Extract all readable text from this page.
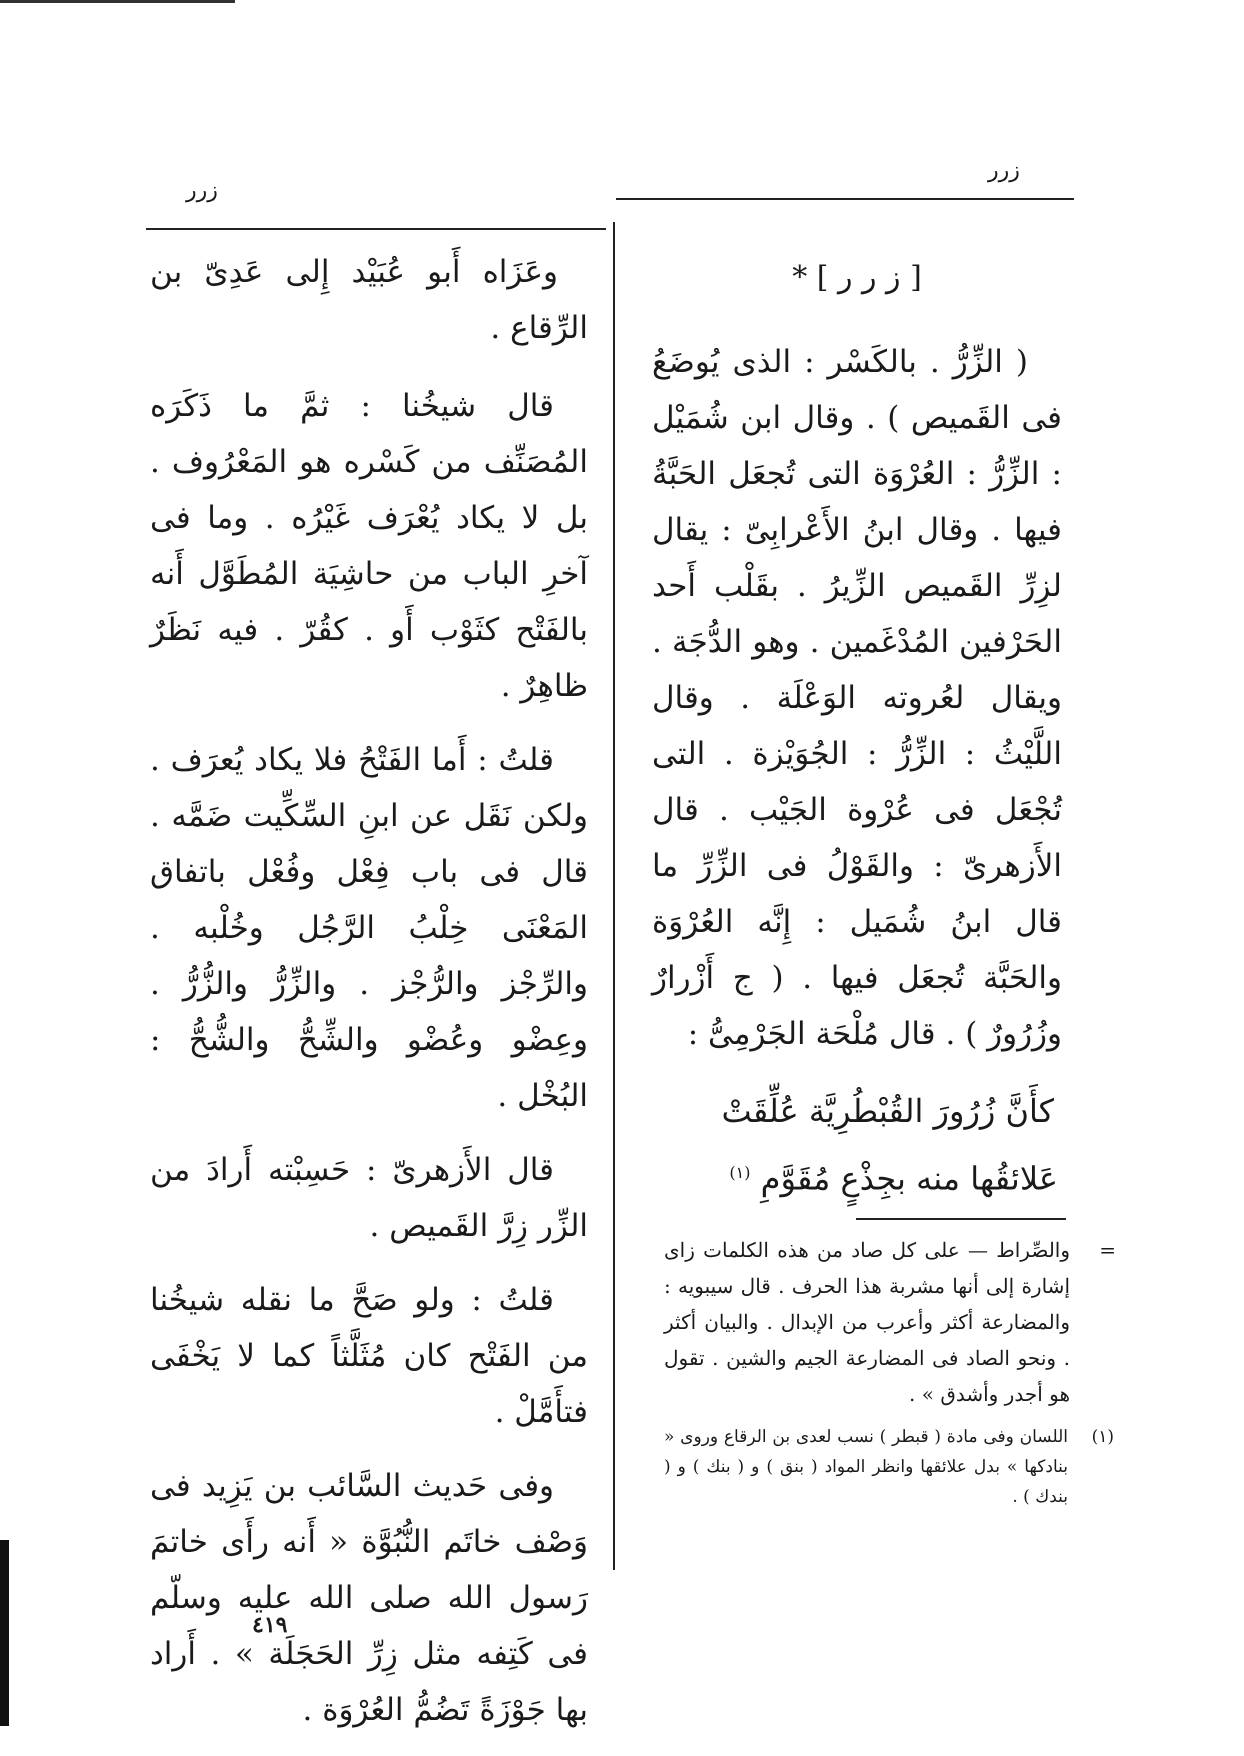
زرر
زرر
[ ز ر ر ] *

( الزِّرُّ . بالكَسْر : الذى يُوضَعُ فى القَميص ) . وقال ابن شُمَيْل : الزِّرُّ : العُرْوَة التى تُجعَل الحَبَّةُ فيها . وقال ابنُ الأَعْرابِىّ : يقال لزِرِّ القَميص الزِّيرُ . بقَلْب أَحد الحَرْفين المُدْغَمين . وهو الدُّجَة . ويقال لعُروته الوَعْلَة . وقال اللَّيْثُ : الزِّرُّ : الجُوَيْزة . التى تُجْعَل فى عُرْوة الجَيْب . قال الأَزهرىّ : والقَوْلُ فى الزِّرِّ ما قال ابنُ شُمَيل : إِنَّه العُرْوَة والحَبَّة تُجعَل فيها . ( ج أَزْرارٌ وزُرُورٌ ) . قال مُلْحَة الجَرْمِىُّ :

كأَنَّ زُرُورَ القُبْطُرِيَّة عُلِّقَتْ
عَلائقُها منه بجِذْعٍ مُقَوَّمِ $^{(١)}$

=
والصِّراط — على كل صاد من هذه الكلمات زاى إشارة إلى أنها مشربة هذا الحرف . قال سيبويه : والمضارعة أكثر وأعرب من الإبدال . والبيان أكثر . ونحو الصاد فى المضارعة الجيم والشين . تقول هو أجدر وأشدق » .

(١)
اللسان وفى مادة ( قبطر ) نسب لعدى بن الرقاع وروى « بنادكها » بدل علائقها وانظر المواد ( بنق ) و ( بنك ) و ( بندك ) .

وعَزَاه أَبو عُبَيْد إِلى عَدِىّ بن الرِّقاع .

قال شيخُنا : ثمَّ ما ذَكَرَه المُصَنِّف من كَسْره هو المَعْرُوف . بل لا يكاد يُعْرَف غَيْرُه . وما فى آخرِ الباب من حاشِيَة المُطَوَّل أَنه بالفَتْح كثَوْب أَو . كقُرّ . فيه نَظَرٌ ظاهِرٌ .

قلتُ : أَما الفَتْحُ فلا يكاد يُعرَف . ولكن نَقَل عن ابنِ السِّكِّيت ضَمَّه . قال فى باب فِعْل وفُعْل باتفاق المَعْنَى خِلْبُ الرَّجُل وخُلْبه . والرِّجْز والرُّجْز . والزِّرُّ والزُّرُّ . وعِضْو وعُضْو والشِّحُّ والشُّحُّ : البُخْل .

قال الأَزهرىّ : حَسِبْته أَرادَ من الزِّر زِرَّ القَميص .

قلتُ : ولو صَحَّ ما نقله شيخُنا من الفَتْح كان مُثَلَّثاً كما لا يَخْفَى فتأَمَّلْ .

وفى حَديث السَّائب بن يَزِيد فى وَصْف خاتَم النُّبُوَّة « أَنه رأَى خاتمَ رَسول الله صلى الله عليه وسلّم فى كَتِفه مثل زِرِّ الحَجَلَة » . أَراد بها جَوْزَةً تَضُمُّ العُرْوَة .

٤١٩
